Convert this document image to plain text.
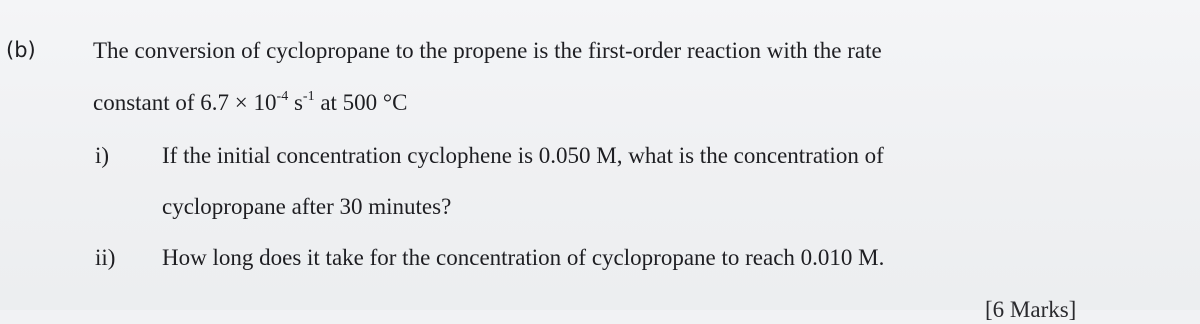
(b) The conversion of cyclopropane to the propene is the first-order reaction with the rate
constant of $6.7 \times 10^{-4}$ $s^{-1}$ at 500 °C
i) If the initial concentration cyclophene is 0.050 M, what is the concentration of
cyclopropane after 30 minutes?
ii) How long does it take for the concentration of cyclopropane to reach 0.010 M.
[6 Marks]
